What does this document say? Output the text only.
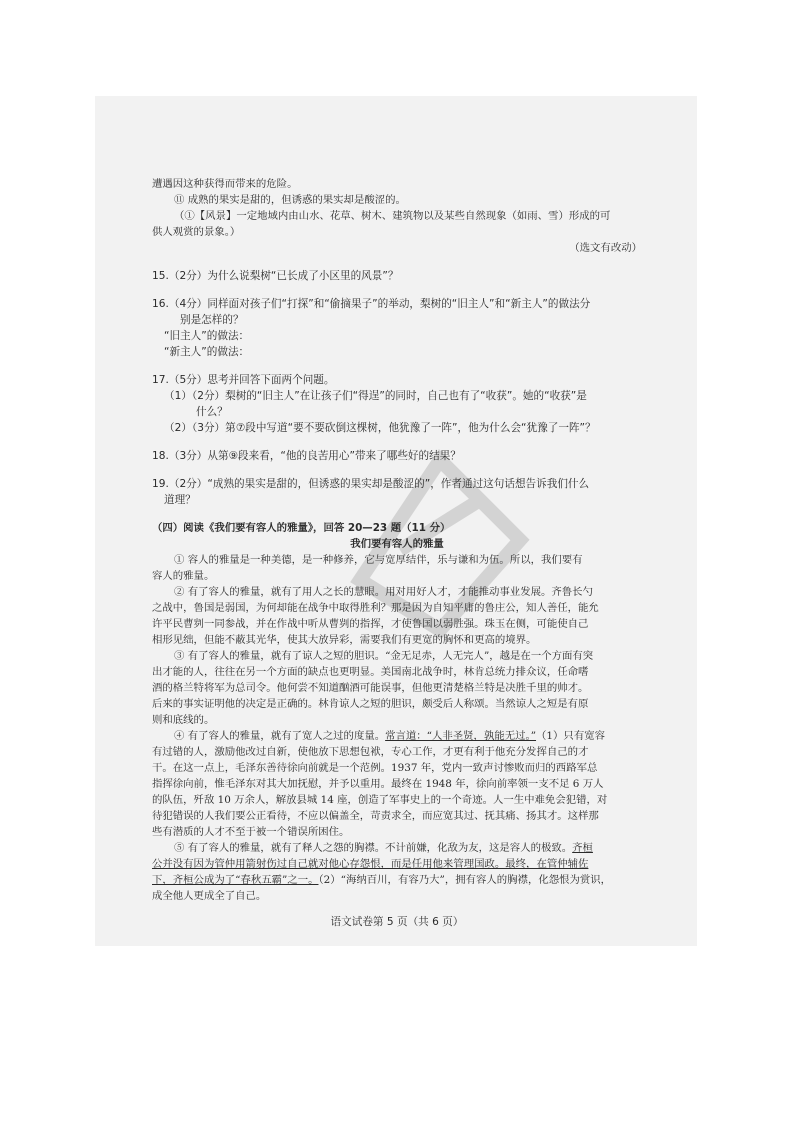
遭遇因这种获得而带来的危险。
⑪ 成熟的果实是甜的，但诱惑的果实却是酸涩的。
（①【风景】一定地域内由山水、花草、树木、建筑物以及某些自然现象（如雨、雪）形成的可
供人观赏的景象。）
（选文有改动）
15.（2分）为什么说梨树“已长成了小区里的风景”？
16.（4分）同样面对孩子们“打探”和“偷摘果子”的举动，梨树的“旧主人”和“新主人”的做法分
别是怎样的？
“旧主人”的做法：
“新主人”的做法：
17.（5分）思考并回答下面两个问题。
（1）（2分）梨树的“旧主人”在让孩子们“得逞”的同时，自己也有了“收获”。她的“收获”是
什么？
（2）（3分）第⑦段中写道“要不要砍倒这棵树，他犹豫了一阵”，他为什么会“犹豫了一阵”？
18.（3分）从第⑨段来看，“他的良苦用心”带来了哪些好的结果？
19.（2分）“成熟的果实是甜的，但诱惑的果实却是酸涩的”，作者通过这句话想告诉我们什么
道理？
（四）阅读《我们要有容人的雅量》，回答 20—23 题（11 分）
我们要有容人的雅量
① 容人的雅量是一种美德，是一种修养，它与宽厚结伴，乐与谦和为伍。所以，我们要有
容人的雅量。
② 有了容人的雅量，就有了用人之长的慧眼。用对用好人才，才能推动事业发展。齐鲁长勺
之战中，鲁国是弱国，为何却能在战争中取得胜利？那是因为自知平庸的鲁庄公，知人善任，能允
许平民曹刿一同参战，并在作战中听从曹刿的指挥，才使鲁国以弱胜强。珠玉在侧，可能使自己
相形见绌，但能不蔽其光华，使其大放异彩，需要我们有更宽的胸怀和更高的境界。
③ 有了容人的雅量，就有了谅人之短的胆识。“金无足赤，人无完人”，越是在一个方面有突
出才能的人，往往在另一个方面的缺点也更明显。美国南北战争时，林肯总统力排众议，任命嗜
酒的格兰特将军为总司令。他何尝不知道酗酒可能误事，但他更清楚格兰特是决胜千里的帅才。
后来的事实证明他的决定是正确的。林肯谅人之短的胆识，颇受后人称颂。当然谅人之短是有原
则和底线的。
④ 有了容人的雅量，就有了宽人之过的度量。常言道：“人非圣贤，孰能无过。”（1）只有宽容
有过错的人，激励他改过自新，使他放下思想包袱，专心工作，才更有利于他充分发挥自己的才
干。在这一点上，毛泽东善待徐向前就是一个范例。1937 年，党内一致声讨惨败而归的西路军总
指挥徐向前，惟毛泽东对其大加抚慰，并予以重用。最终在 1948 年，徐向前率领一支不足 6 万人
的队伍，歼敌 10 万余人，解放县城 14 座，创造了军事史上的一个奇迹。人一生中难免会犯错，对
待犯错误的人我们要公正看待，不应以偏盖全，苛责求全，而应宽其过、抚其痛、扬其才。这样那
些有潜质的人才不至于被一个错误所困住。
⑤ 有了容人的雅量，就有了释人之怨的胸襟。不计前嫌，化敌为友，这是容人的极致。齐桓
公并没有因为管仲用箭射伤过自己就对他心存怨恨，而是任用他来管理国政。最终，在管仲辅佐
下，齐桓公成为了“春秋五霸”之一。（2）“海纳百川，有容乃大”，拥有容人的胸襟，化怨恨为赏识，
成全他人更成全了自己。
语文试卷第 5 页（共 6 页）
